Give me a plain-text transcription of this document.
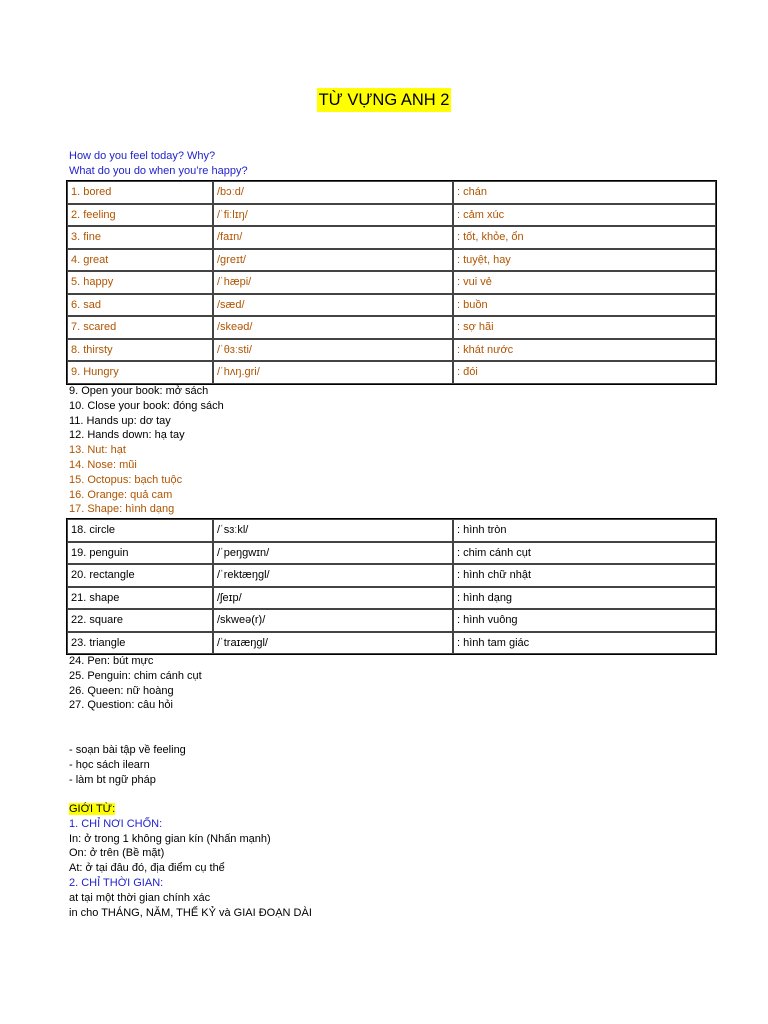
TỪ VỰNG ANH 2
How do you feel today? Why?
What do you do when you’re happy?
1. bored	/bɔːd/	: chán
2. feeling	/ˈfiːlɪŋ/	: cảm xúc
3. fine	/faɪn/	: tốt, khỏe, ổn
4. great	/greɪt/	: tuyệt, hay
5. happy	/ˈhæpi/	: vui vẻ
6. sad	/sæd/	: buồn
7. scared	/skeəd/	: sợ hãi
8. thirsty	/ˈθɜːsti/	: khát nước
9. Hungry	/ˈhʌŋ.gri/	: đói
9. Open your book: mở sách
10. Close your book: đóng sách
11. Hands up: dơ tay
12. Hands down: hạ tay
13. Nut: hạt
14. Nose: mũi
15. Octopus: bạch tuộc
16. Orange: quả cam
17. Shape: hình dạng
18. circle	/ˈsɜːkl/	: hình tròn
19. penguin	/ˈpeŋgwɪn/	: chim cánh cụt
20. rectangle	/ˈrektæŋgl/	: hình chữ nhật
21. shape	/ʃeɪp/	: hình dạng
22. square	/skweə(r)/	: hình vuông
23. triangle	/ˈtraɪæŋgl/	: hình tam giác
24. Pen: bút mực
25. Penguin: chim cánh cụt
26. Queen: nữ hoàng
27. Question: câu hỏi
- soạn bài tập về feeling
- học sách ilearn
- làm bt ngữ pháp
GIỚI TỪ:
1. CHỈ NƠI CHỐN:
In: ở trong 1 không gian kín (Nhấn mạnh)
On: ở trên (Bề mặt)
At: ở tại đâu đó, địa điểm cụ thể
2. CHỈ THỜI GIAN:
at tại một thời gian chính xác
in cho THÁNG, NĂM, THẾ KỶ và GIAI ĐOẠN DÀI
